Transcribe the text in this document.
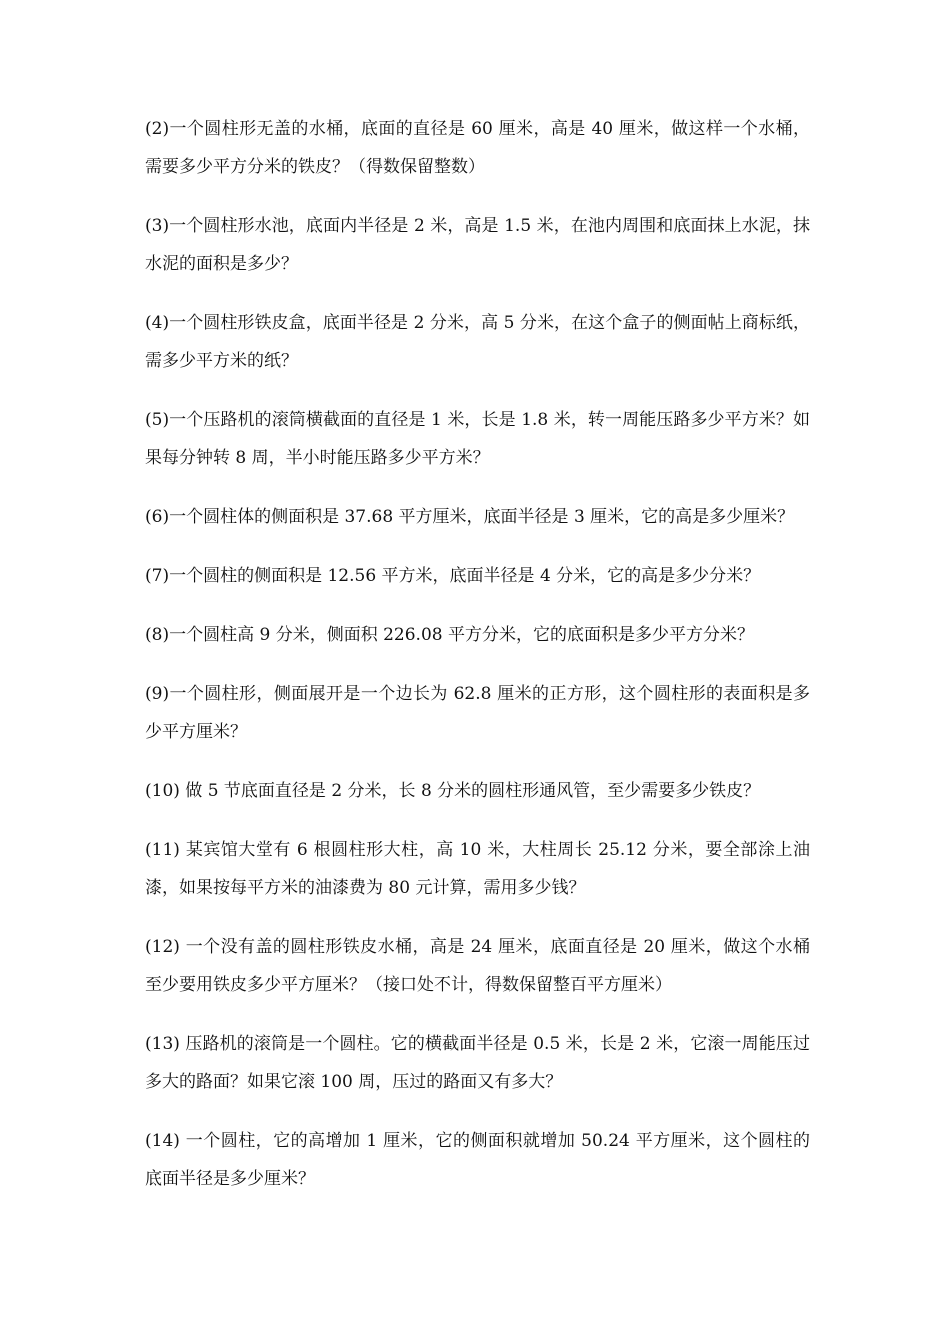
(2)一个圆柱形无盖的水桶，底面的直径是 60 厘米，高是 40 厘米，做这样一个水桶，需要多少平方分米的铁皮？（得数保留整数）

(3)一个圆柱形水池，底面内半径是 2 米，高是 1.5 米，在池内周围和底面抹上水泥，抹水泥的面积是多少？

(4)一个圆柱形铁皮盒，底面半径是 2 分米，高 5 分米，在这个盒子的侧面帖上商标纸，需多少平方米的纸？

(5)一个压路机的滚筒横截面的直径是 1 米，长是 1.8 米，转一周能压路多少平方米？如果每分钟转 8 周，半小时能压路多少平方米？

(6)一个圆柱体的侧面积是 37.68 平方厘米，底面半径是 3 厘米，它的高是多少厘米？

(7)一个圆柱的侧面积是 12.56 平方米，底面半径是 4 分米，它的高是多少分米？

(8)一个圆柱高 9 分米，侧面积 226.08 平方分米，它的底面积是多少平方分米？

(9)一个圆柱形，侧面展开是一个边长为 62.8 厘米的正方形，这个圆柱形的表面积是多少平方厘米？

(10) 做 5 节底面直径是 2 分米，长 8 分米的圆柱形通风管，至少需要多少铁皮？

(11) 某宾馆大堂有 6 根圆柱形大柱，高 10 米，大柱周长 25.12 分米，要全部涂上油漆，如果按每平方米的油漆费为 80 元计算，需用多少钱？

(12) 一个没有盖的圆柱形铁皮水桶，高是 24 厘米，底面直径是 20 厘米，做这个水桶至少要用铁皮多少平方厘米？（接口处不计，得数保留整百平方厘米）

(13) 压路机的滚筒是一个圆柱。它的横截面半径是 0.5 米，长是 2 米，它滚一周能压过多大的路面？如果它滚 100 周，压过的路面又有多大？

(14) 一个圆柱，它的高增加 1 厘米，它的侧面积就增加 50.24 平方厘米，这个圆柱的底面半径是多少厘米？
